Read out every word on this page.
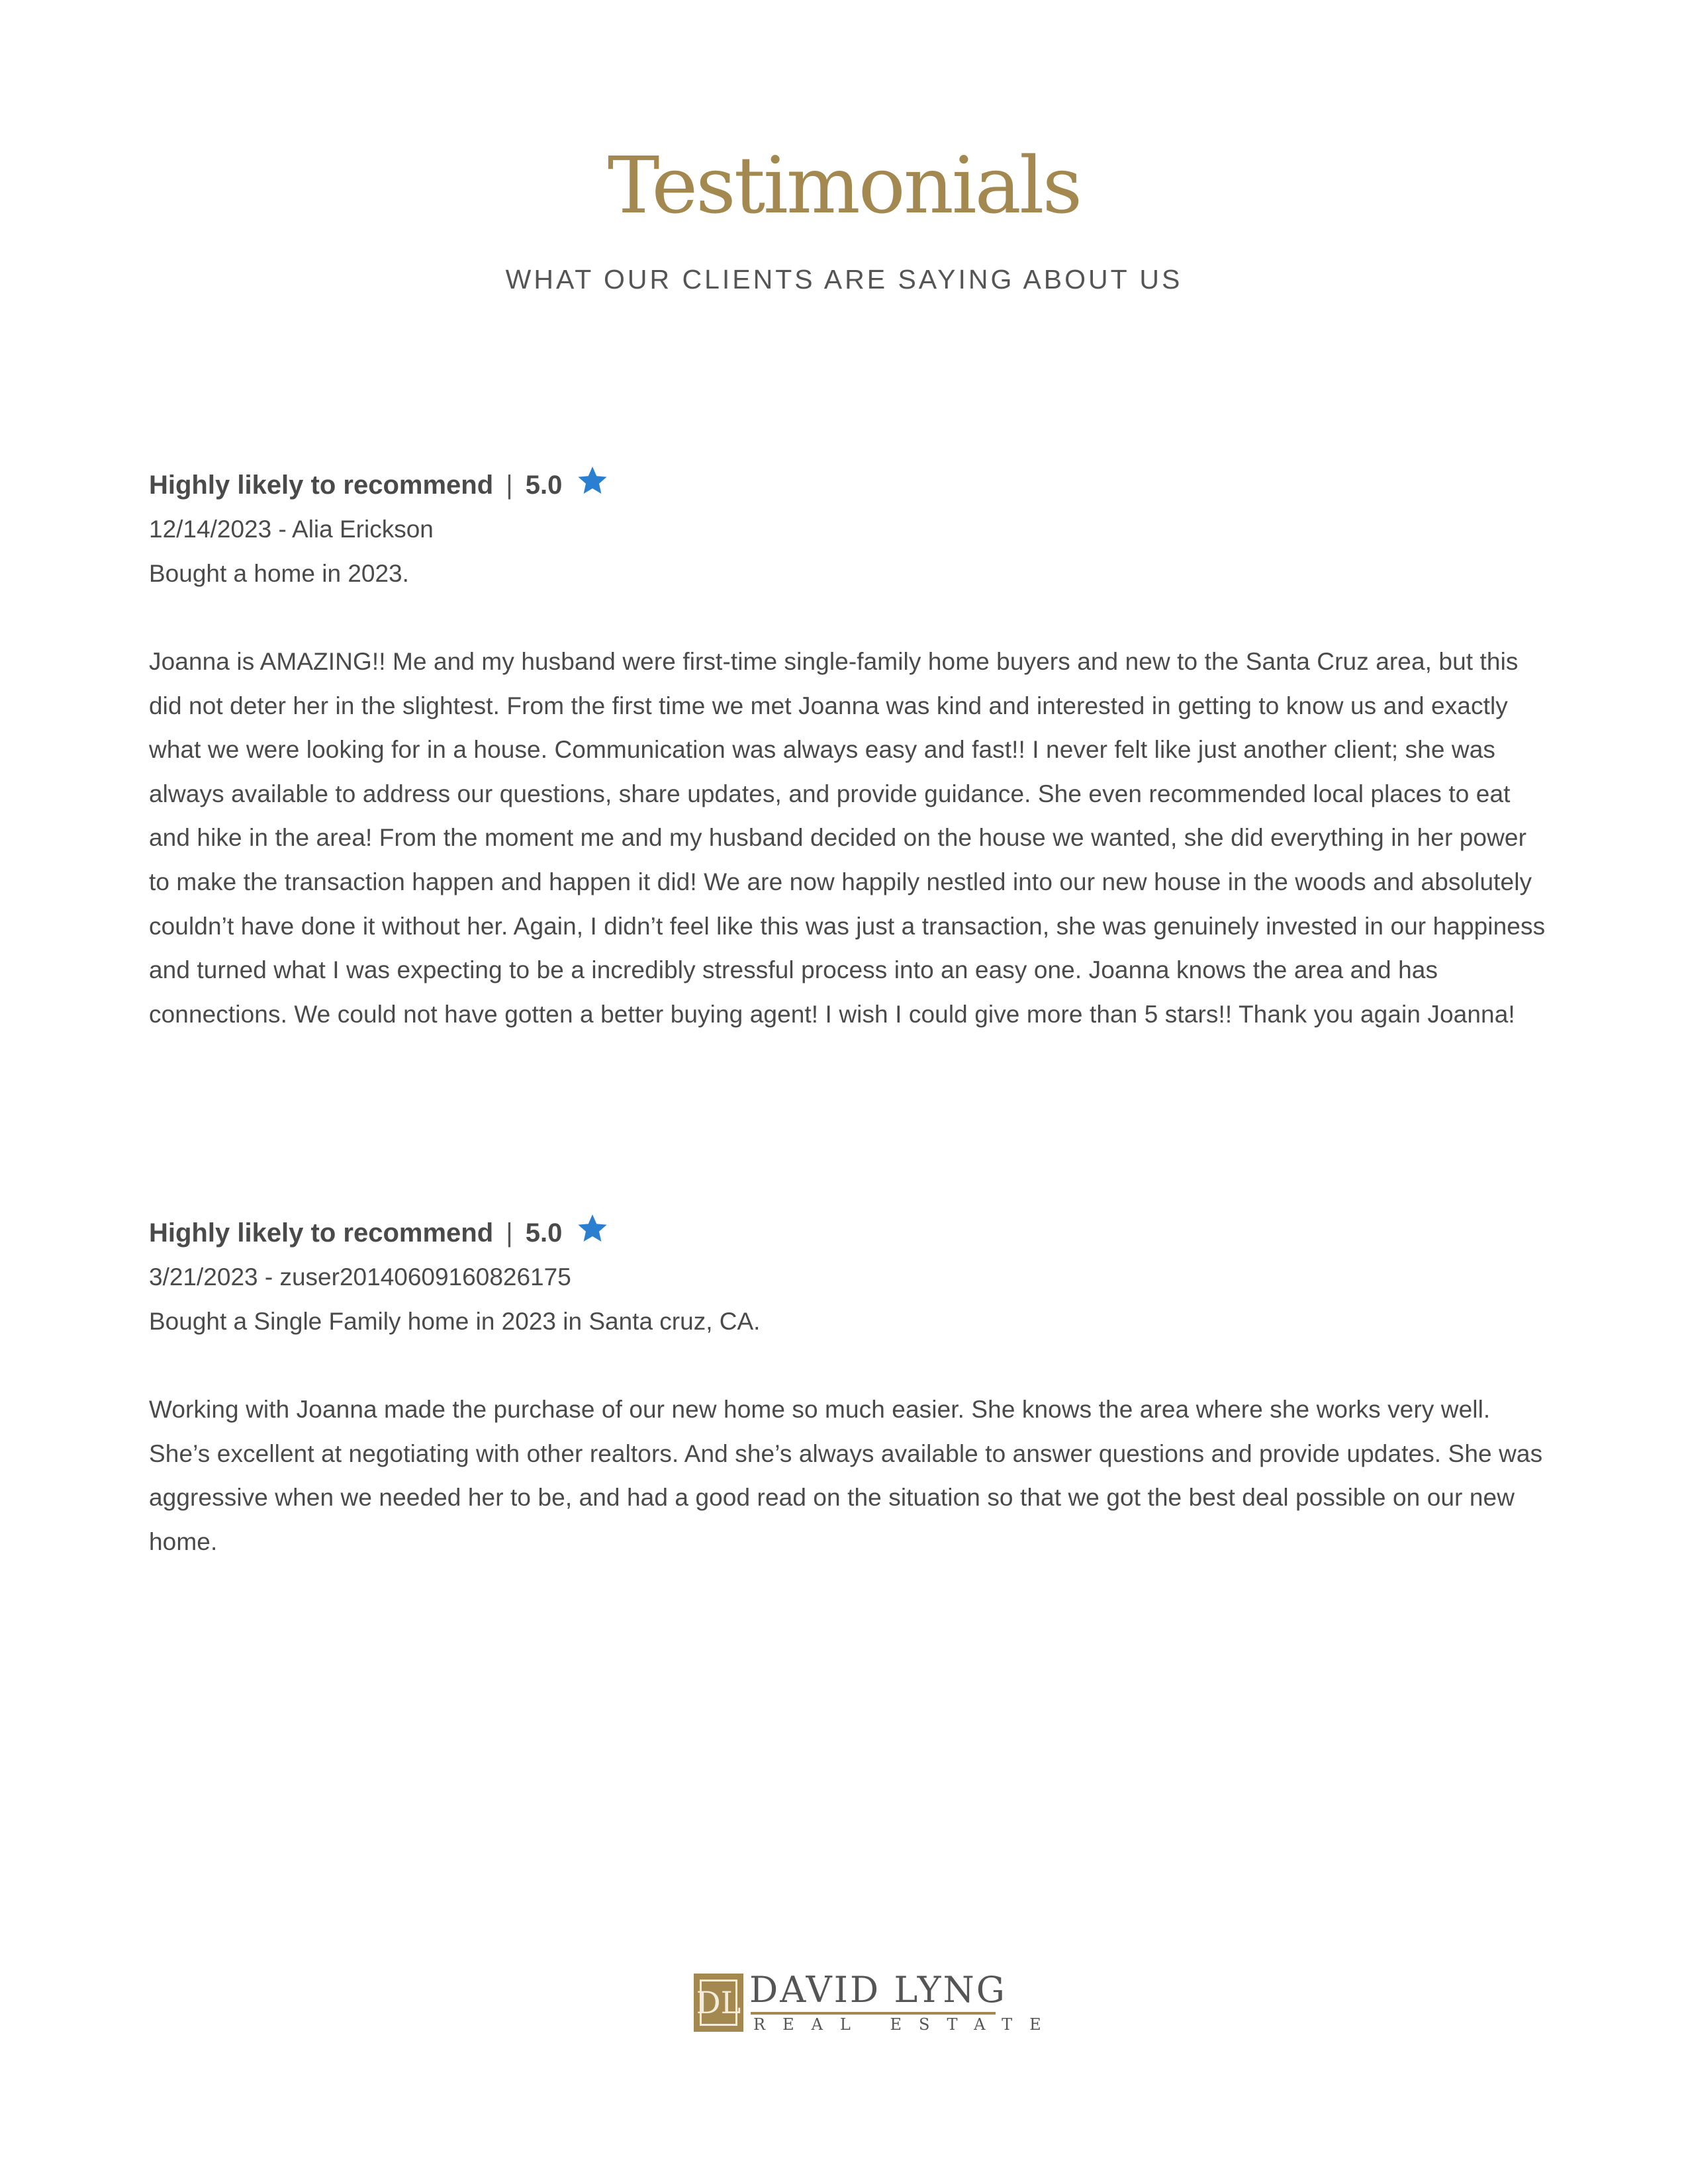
Testimonials
WHAT OUR CLIENTS ARE SAYING ABOUT US
Highly likely to recommend | 5.0
12/14/2023 - Alia Erickson
Bought a home in 2023.
Joanna is AMAZING!! Me and my husband were first-time single-family home buyers and new to the Santa Cruz area, but this did not deter her in the slightest. From the first time we met Joanna was kind and interested in getting to know us and exactly what we were looking for in a house. Communication was always easy and fast!! I never felt like just another client; she was always available to address our questions, share updates, and provide guidance. She even recommended local places to eat and hike in the area! From the moment me and my husband decided on the house we wanted, she did everything in her power to make the transaction happen and happen it did! We are now happily nestled into our new house in the woods and absolutely couldn’t have done it without her. Again, I didn’t feel like this was just a transaction, she was genuinely invested in our happiness and turned what I was expecting to be a incredibly stressful process into an easy one. Joanna knows the area and has connections. We could not have gotten a better buying agent! I wish I could give more than 5 stars!! Thank you again Joanna!
Highly likely to recommend | 5.0
3/21/2023 - zuser20140609160826175
Bought a Single Family home in 2023 in Santa cruz, CA.
Working with Joanna made the purchase of our new home so much easier. She knows the area where she works very well. She’s excellent at negotiating with other realtors. And she’s always available to answer questions and provide updates. She was aggressive when we needed her to be, and had a good read on the situation so that we got the best deal possible on our new home.
DL DAVID LYNG
REAL ESTATE
